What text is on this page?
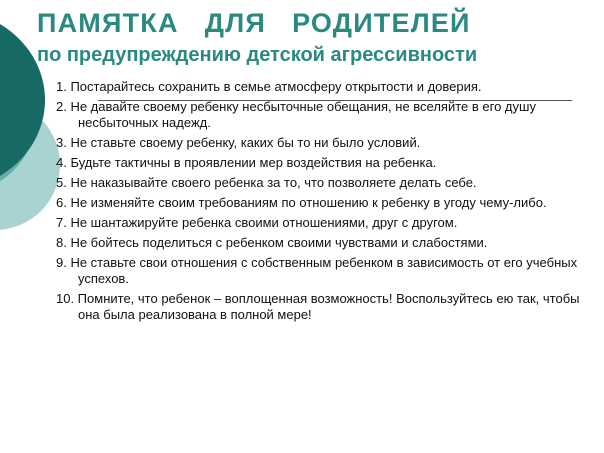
ПАМЯТКА   ДЛЯ   РОДИТЕЛЕЙ
по предупреждению детской агрессивности
1. Постарайтесь сохранить в семье атмосферу открытости и доверия.
2. Не давайте своему ребенку несбыточные обещания, не вселяйте в его душу несбыточных надежд.
3. Не ставьте своему ребенку, каких бы то ни было условий.
4. Будьте тактичны в проявлении мер воздействия на ребенка.
5. Не наказывайте своего ребенка за то, что позволяете делать себе.
6. Не изменяйте своим требованиям по отношению к ребенку в угоду чему-либо.
7. Не шантажируйте ребенка своими отношениями, друг с другом.
8. Не бойтесь поделиться с ребенком своими чувствами и слабостями.
9. Не ставьте свои отношения с собственным ребенком в зависимость от его учебных успехов.
10. Помните, что ребенок – воплощенная возможность! Воспользуйтесь ею так, чтобы она была реализована в полной мере!
